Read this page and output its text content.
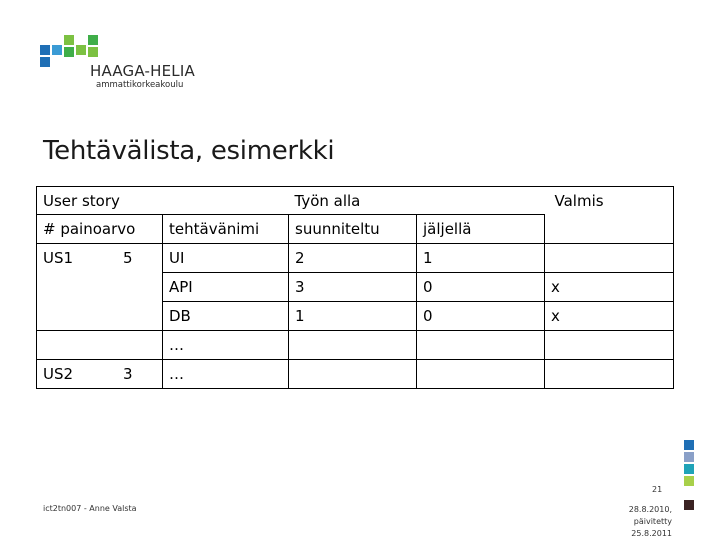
HAAGA-HELIA
ammattikorkeakoulu
Tehtävälista, esimerkki
User story		Työn alla		Valmis
# painoarvo	tehtävänimi	suunniteltu	jäljellä	
US1 5	UI	2	1	
	API	3	0	x
	DB	1	0	x
	…			
US2 3	…			
21
ict2tn007 - Anne Valsta	28.8.2010,
päivitetty
25.8.2011
